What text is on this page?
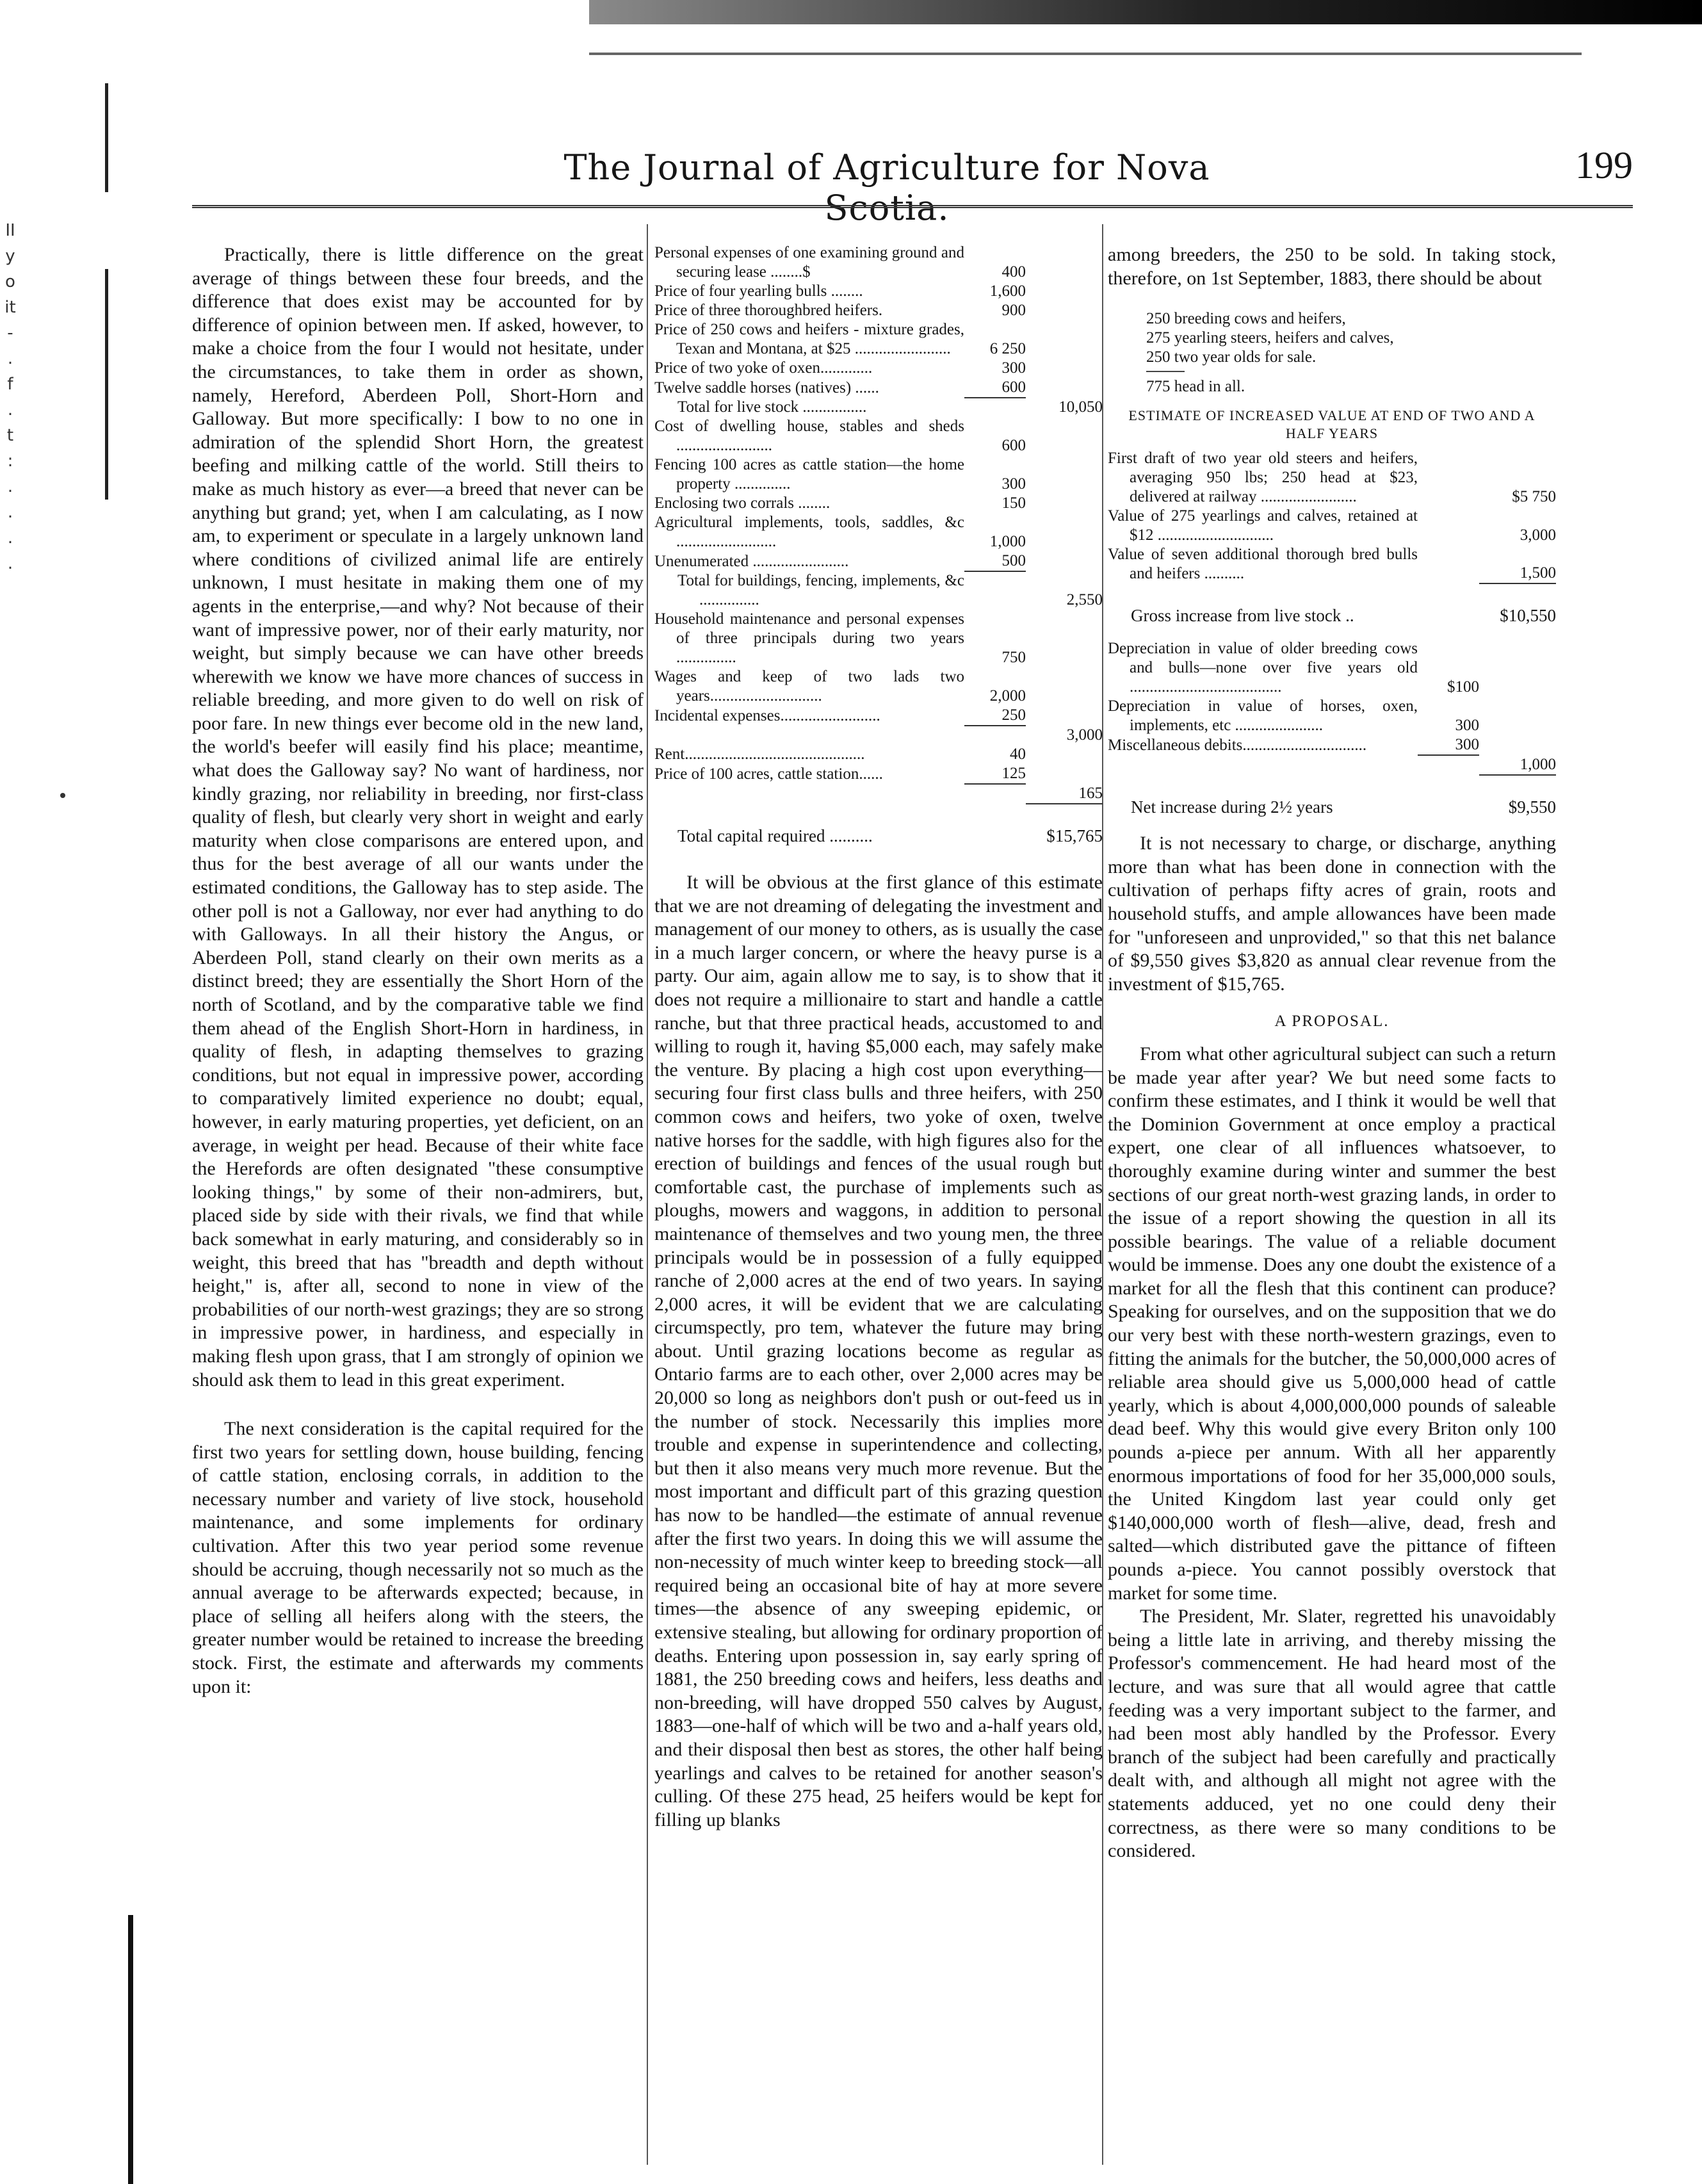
II
y
o
it
-
.
f
.
t
:
.
.
.
.
The Journal of Agriculture for Nova Scotia.
199

Practically, there is little difference on the great average of things between these four breeds, and the difference that does exist may be accounted for by difference of opinion between men. If asked, however, to make a choice from the four I would not hesitate, under the circumstances, to take them in order as shown, namely, Hereford, Aberdeen Poll, Short-Horn and Galloway. But more specifically: I bow to no one in admiration of the splendid Short Horn, the greatest beefing and milking cattle of the world. Still theirs to make as much history as ever—a breed that never can be anything but grand; yet, when I am calculating, as I now am, to experiment or speculate in a largely unknown land where conditions of civilized animal life are entirely unknown, I must hesitate in making them one of my agents in the enterprise,—and why? Not because of their want of impressive power, nor of their early maturity, nor weight, but simply because we can have other breeds wherewith we know we have more chances of success in reliable breeding, and more given to do well on risk of poor fare. In new things ever become old in the new land, the world's beefer will easily find his place; meantime, what does the Galloway say? No want of hardiness, nor kindly grazing, nor reliability in breeding, nor first-class quality of flesh, but clearly very short in weight and early maturity when close comparisons are entered upon, and thus for the best average of all our wants under the estimated conditions, the Galloway has to step aside. The other poll is not a Galloway, nor ever had anything to do with Galloways. In all their history the Angus, or Aberdeen Poll, stand clearly on their own merits as a distinct breed; they are essentially the Short Horn of the north of Scotland, and by the comparative table we find them ahead of the English Short-Horn in hardiness, in quality of flesh, in adapting themselves to grazing conditions, but not equal in impressive power, according to comparatively limited experience no doubt; equal, however, in early maturing properties, yet deficient, on an average, in weight per head. Because of their white face the Herefords are often designated "these consumptive looking things," by some of their non-admirers, but, placed side by side with their rivals, we find that while back somewhat in early maturing, and considerably so in weight, this breed that has "breadth and depth without height," is, after all, second to none in view of the probabilities of our north-west grazings; they are so strong in impressive power, in hardiness, and especially in making flesh upon grass, that I am strongly of opinion we should ask them to lead in this great experiment.

The next consideration is the capital required for the first two years for settling down, house building, fencing of cattle station, enclosing corrals, in addition to the necessary number and variety of live stock, household maintenance, and some implements for ordinary cultivation. After this two year period some revenue should be accruing, though necessarily not so much as the annual average to be afterwards expected; because, in place of selling all heifers along with the steers, the greater number would be retained to increase the breeding stock. First, the estimate and afterwards my comments upon it:

Personal expenses of one examining ground and securing lease ........$	400	
Price of four yearling bulls ........	1,600	
Price of three thoroughbred heifers.	900	
Price of 250 cows and heifers - mixture grades, Texan and Montana, at $25 ........................	6 250	
Price of two yoke of oxen.............	300	
Twelve saddle horses (natives) ......	600	
Total for live stock ................		10,050
Cost of dwelling house, stables and sheds ........................	600	
Fencing 100 acres as cattle station—the home property ..............	300	
Enclosing two corrals ........	150	
Agricultural implements, tools, saddles, &c .........................	1,000	
Unenumerated ........................	500	
Total for buildings, fencing, implements, &c ...............		2,550
Household maintenance and personal expenses of three principals during two years ...............	750	
Wages and keep of two lads two years............................	2,000	
Incidental expenses.........................	250	
		3,000
Rent.............................................	40	
Price of 100 acres, cattle station......	125	
		165
Total capital required ..........		$15,765

It will be obvious at the first glance of this estimate that we are not dreaming of delegating the investment and management of our money to others, as is usually the case in a much larger concern, or where the heavy purse is a party. Our aim, again allow me to say, is to show that it does not require a millionaire to start and handle a cattle ranche, but that three practical heads, accustomed to and willing to rough it, having $5,000 each, may safely make the venture. By placing a high cost upon everything—securing four first class bulls and three heifers, with 250 common cows and heifers, two yoke of oxen, twelve native horses for the saddle, with high figures also for the erection of buildings and fences of the usual rough but comfortable cast, the purchase of implements such as ploughs, mowers and waggons, in addition to personal maintenance of themselves and two young men, the three principals would be in possession of a fully equipped ranche of 2,000 acres at the end of two years. In saying 2,000 acres, it will be evident that we are calculating circumspectly, pro tem, whatever the future may bring about. Until grazing locations become as regular as Ontario farms are to each other, over 2,000 acres may be 20,000 so long as neighbors don't push or out-feed us in the number of stock. Necessarily this implies more trouble and expense in superintendence and collecting, but then it also means very much more revenue. But the most important and difficult part of this grazing question has now to be handled—the estimate of annual revenue after the first two years. In doing this we will assume the non-necessity of much winter keep to breeding stock—all required being an occasional bite of hay at more severe times—the absence of any sweeping epidemic, or extensive stealing, but allowing for ordinary proportion of deaths. Entering upon possession in, say early spring of 1881, the 250 breeding cows and heifers, less deaths and non-breeding, will have dropped 550 calves by August, 1883—one-half of which will be two and a-half years old, and their disposal then best as stores, the other half being yearlings and calves to be retained for another season's culling. Of these 275 head, 25 heifers would be kept for filling up blanks

among breeders, the 250 to be sold. In taking stock, therefore, on 1st September, 1883, there should be about

250 breeding cows and heifers,
275 yearling steers, heifers and calves,
250 two year olds for sale.
775 head in all.
ESTIMATE OF INCREASED VALUE AT END OF TWO AND A HALF YEARS
First draft of two year old steers and heifers, averaging 950 lbs; 250 head at $23, delivered at railway ........................		$5 750
Value of 275 yearlings and calves, retained at $12 .............................		3,000
Value of seven additional thorough bred bulls and heifers ..........		1,500
Gross increase from live stock ..		$10,550
Depreciation in value of older breeding cows and bulls—none over five years old ......................................	$100	
Depreciation in value of horses, oxen, implements, etc ......................	300	
Miscellaneous debits...............................	300	
		1,000
Net increase during 2½ years		$9,550

It is not necessary to charge, or discharge, anything more than what has been done in connection with the cultivation of perhaps fifty acres of grain, roots and household stuffs, and ample allowances have been made for "unforeseen and unprovided," so that this net balance of $9,550 gives $3,820 as annual clear revenue from the investment of $15,765.

A PROPOSAL.

From what other agricultural subject can such a return be made year after year? We but need some facts to confirm these estimates, and I think it would be well that the Dominion Government at once employ a practical expert, one clear of all influences whatsoever, to thoroughly examine during winter and summer the best sections of our great north-west grazing lands, in order to the issue of a report showing the question in all its possible bearings. The value of a reliable document would be immense. Does any one doubt the existence of a market for all the flesh that this continent can produce? Speaking for ourselves, and on the supposition that we do our very best with these north-western grazings, even to fitting the animals for the butcher, the 50,000,000 acres of reliable area should give us 5,000,000 head of cattle yearly, which is about 4,000,000,000 pounds of saleable dead beef. Why this would give every Briton only 100 pounds a-piece per annum. With all her apparently enormous importations of food for her 35,000,000 souls, the United Kingdom last year could only get $140,000,000 worth of flesh—alive, dead, fresh and salted—which distributed gave the pittance of fifteen pounds a-piece. You cannot possibly overstock that market for some time.

The President, Mr. Slater, regretted his unavoidably being a little late in arriving, and thereby missing the Professor's commencement. He had heard most of the lecture, and was sure that all would agree that cattle feeding was a very important subject to the farmer, and had been most ably handled by the Professor. Every branch of the subject had been carefully and practically dealt with, and although all might not agree with the statements adduced, yet no one could deny their correctness, as there were so many conditions to be considered.
